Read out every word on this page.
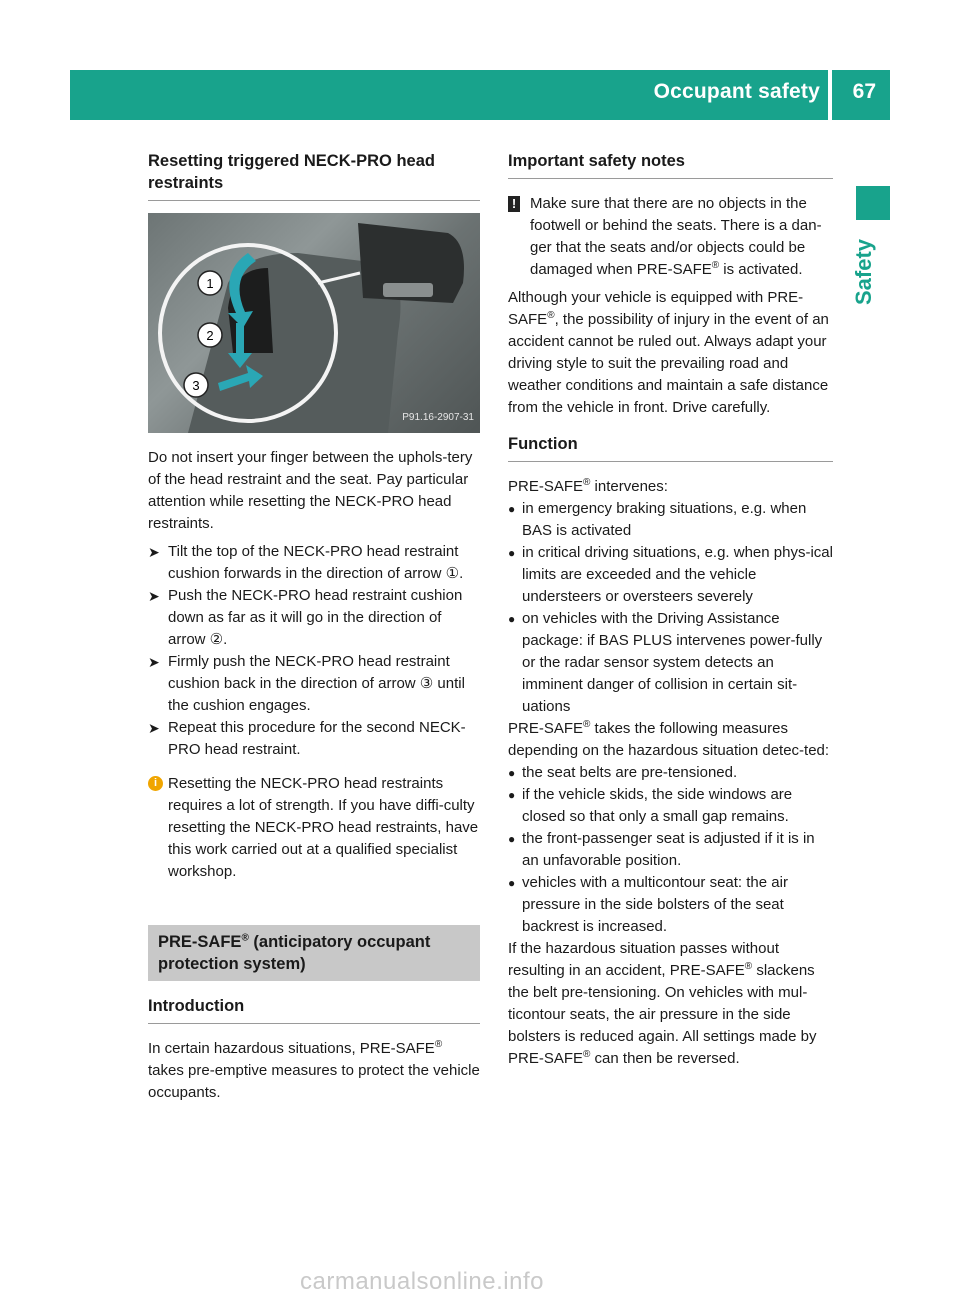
Occupant safety 67
Safety
Resetting triggered NECK-PRO head restraints
1
2
3
P91.16-2907-31

Do not insert your finger between the uphols-tery of the head restraint and the seat. Pay particular attention while resetting the NECK-PRO head restraints.

➤ Tilt the top of the NECK-PRO head restraint cushion forwards in the direction of arrow ①.
➤ Push the NECK-PRO head restraint cushion down as far as it will go in the direction of arrow ②.
➤ Firmly push the NECK-PRO head restraint cushion back in the direction of arrow ③ until the cushion engages.
➤ Repeat this procedure for the second NECK-PRO head restraint.
i Resetting the NECK-PRO head restraints requires a lot of strength. If you have diffi-culty resetting the NECK-PRO head restraints, have this work carried out at a qualified specialist workshop.
PRE-SAFE® (anticipatory occupant protection system)
Introduction

In certain hazardous situations, PRE-SAFE® takes pre-emptive measures to protect the vehicle occupants.

Important safety notes
! Make sure that there are no objects in the footwell or behind the seats. There is a dan-ger that the seats and/or objects could be damaged when PRE-SAFE® is activated.

Although your vehicle is equipped with PRE-SAFE®, the possibility of injury in the event of an accident cannot be ruled out. Always adapt your driving style to suit the prevailing road and weather conditions and maintain a safe distance from the vehicle in front. Drive carefully.

Function

PRE-SAFE® intervenes:

● in emergency braking situations, e.g. when BAS is activated
● in critical driving situations, e.g. when phys-ical limits are exceeded and the vehicle understeers or oversteers severely
● on vehicles with the Driving Assistance package: if BAS PLUS intervenes power-fully or the radar sensor system detects an imminent danger of collision in certain sit-uations

PRE-SAFE® takes the following measures depending on the hazardous situation detec-ted:

● the seat belts are pre-tensioned.
● if the vehicle skids, the side windows are closed so that only a small gap remains.
● the front-passenger seat is adjusted if it is in an unfavorable position.
● vehicles with a multicontour seat: the air pressure in the side bolsters of the seat backrest is increased.

If the hazardous situation passes without resulting in an accident, PRE-SAFE® slackens the belt pre-tensioning. On vehicles with mul-ticontour seats, the air pressure in the side bolsters is reduced again. All settings made by PRE-SAFE® can then be reversed.

carmanualsonline.info
